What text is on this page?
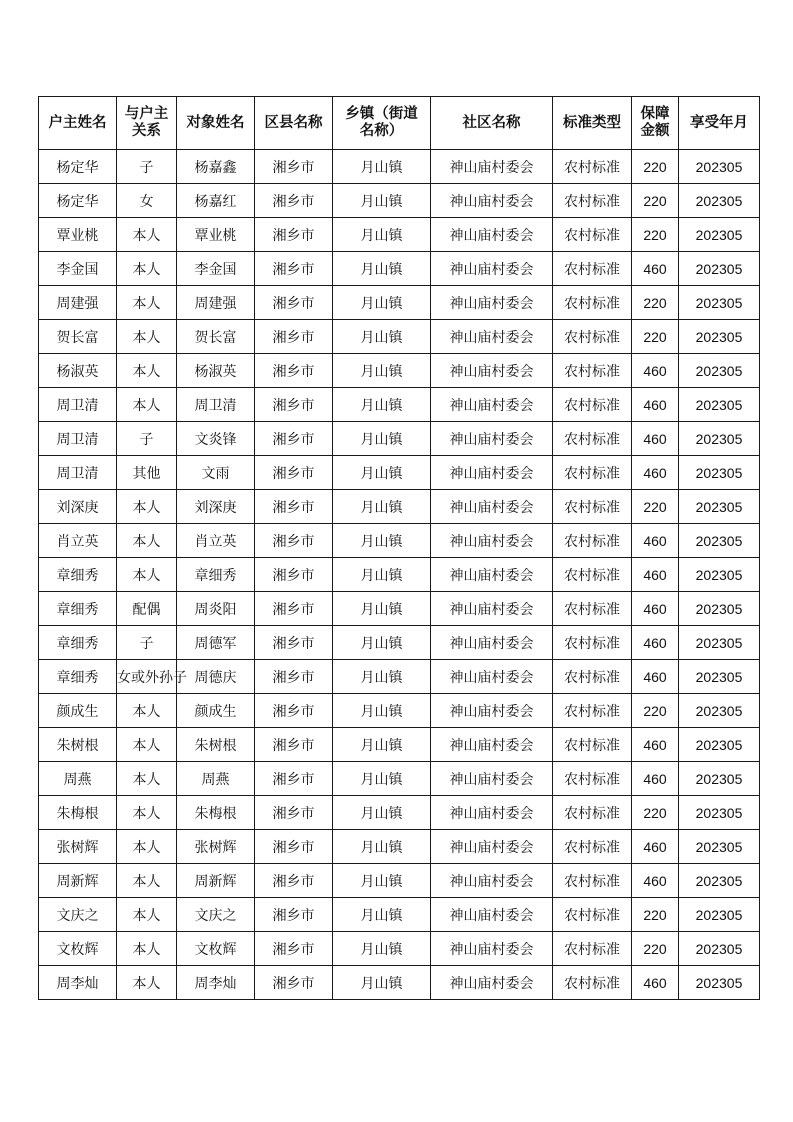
户主姓名	与户主关系	对象姓名	区县名称	乡镇（街道名称）	社区名称	标准类型	保障金额	享受年月
杨定华	子	杨嘉鑫	湘乡市	月山镇	神山庙村委会	农村标准	220	202305
杨定华	女	杨嘉红	湘乡市	月山镇	神山庙村委会	农村标准	220	202305
覃业桃	本人	覃业桃	湘乡市	月山镇	神山庙村委会	农村标准	220	202305
李金国	本人	李金国	湘乡市	月山镇	神山庙村委会	农村标准	460	202305
周建强	本人	周建强	湘乡市	月山镇	神山庙村委会	农村标准	220	202305
贺长富	本人	贺长富	湘乡市	月山镇	神山庙村委会	农村标准	220	202305
杨淑英	本人	杨淑英	湘乡市	月山镇	神山庙村委会	农村标准	460	202305
周卫清	本人	周卫清	湘乡市	月山镇	神山庙村委会	农村标准	460	202305
周卫清	子	文炎锋	湘乡市	月山镇	神山庙村委会	农村标准	460	202305
周卫清	其他	文雨	湘乡市	月山镇	神山庙村委会	农村标准	460	202305
刘深庚	本人	刘深庚	湘乡市	月山镇	神山庙村委会	农村标准	220	202305
肖立英	本人	肖立英	湘乡市	月山镇	神山庙村委会	农村标准	460	202305
章细秀	本人	章细秀	湘乡市	月山镇	神山庙村委会	农村标准	460	202305
章细秀	配偶	周炎阳	湘乡市	月山镇	神山庙村委会	农村标准	460	202305
章细秀	子	周德军	湘乡市	月山镇	神山庙村委会	农村标准	460	202305
章细秀	女或外孙子	周德庆	湘乡市	月山镇	神山庙村委会	农村标准	460	202305
颜成生	本人	颜成生	湘乡市	月山镇	神山庙村委会	农村标准	220	202305
朱树根	本人	朱树根	湘乡市	月山镇	神山庙村委会	农村标准	460	202305
周燕	本人	周燕	湘乡市	月山镇	神山庙村委会	农村标准	460	202305
朱梅根	本人	朱梅根	湘乡市	月山镇	神山庙村委会	农村标准	220	202305
张树辉	本人	张树辉	湘乡市	月山镇	神山庙村委会	农村标准	460	202305
周新辉	本人	周新辉	湘乡市	月山镇	神山庙村委会	农村标准	460	202305
文庆之	本人	文庆之	湘乡市	月山镇	神山庙村委会	农村标准	220	202305
文枚辉	本人	文枚辉	湘乡市	月山镇	神山庙村委会	农村标准	220	202305
周李灿	本人	周李灿	湘乡市	月山镇	神山庙村委会	农村标准	460	202305
